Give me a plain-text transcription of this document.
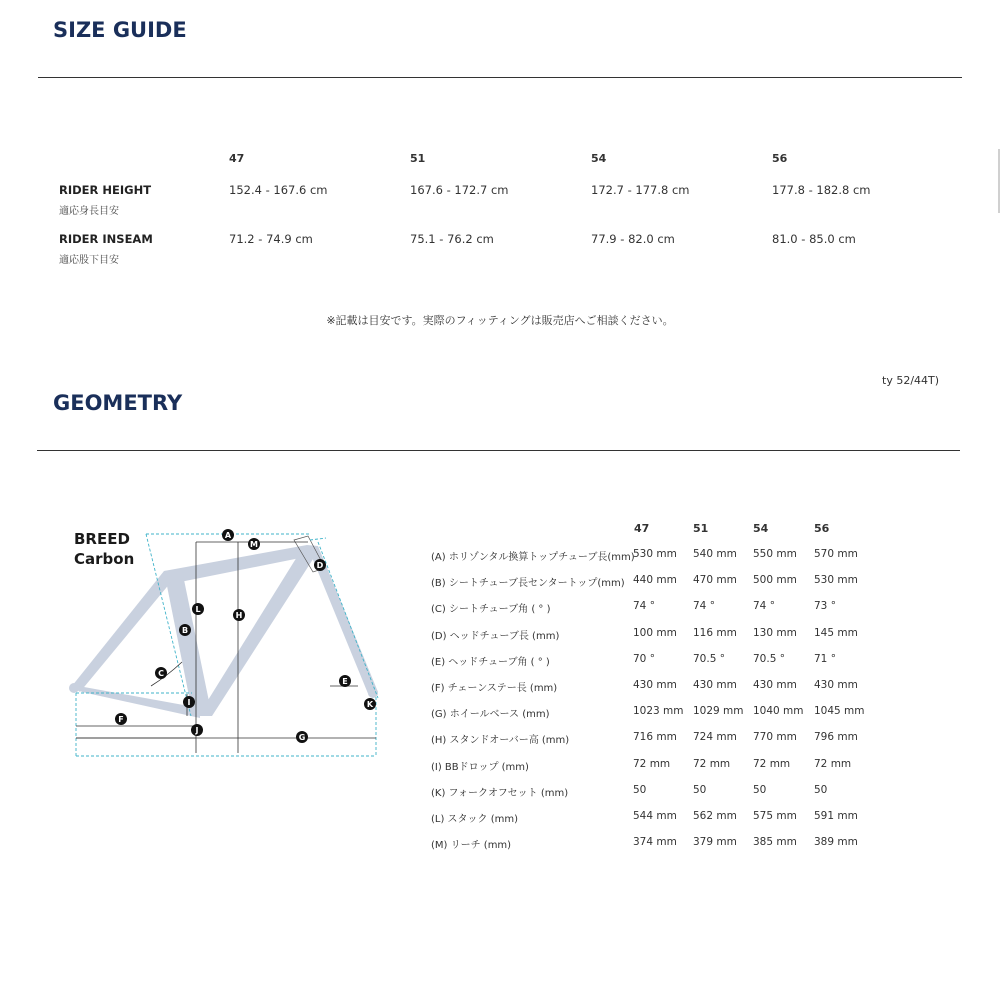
SIZE GUIDE
47	51	54	56
RIDER HEIGHT
適応身長目安
152.4 - 167.6 cm	167.6 - 172.7 cm	172.7 - 177.8 cm	177.8 - 182.8 cm
RIDER INSEAM
適応股下目安
71.2 - 74.9 cm	75.1 - 76.2 cm	77.9 - 82.0 cm	81.0 - 85.0 cm
※記載は目安です。実際のフィッティングは販売店へご相談ください。
ty 52/44T)
GEOMETRY
BREED
Carbon
A
M
D
L
H
B
C
E
I	K
F
J
G
47	51	54	56
(A) ホリゾンタル換算トップチューブ長(mm)
530 mm 540 mm 550 mm 570 mm
(B) シートチューブ長センタートップ(mm) 440 mm 470 mm 500 mm 530 mm
(C) シートチューブ角 ( ° )	74 °	74 °	74 °	73 °
(D) ヘッドチューブ長 (mm)	100 mm 116 mm 130 mm 145 mm
(E) ヘッドチューブ角 ( ° )	70 °	70.5 °	70.5 °	71 °
(F) チェーンステー長 (mm)	430 mm 430 mm 430 mm 430 mm
(G) ホイールベース (mm)	1023 mm 1029 mm 1040 mm 1045 mm
(H) スタンドオーバー高 (mm)	716 mm 724 mm 770 mm 796 mm
(I) BBドロップ (mm)	72 mm 72 mm 72 mm 72 mm
(K) フォークオフセット (mm)	50	50	50	50
(L) スタック (mm)	544 mm 562 mm 575 mm 591 mm
(M) リーチ (mm)	374 mm 379 mm 385 mm 389 mm
